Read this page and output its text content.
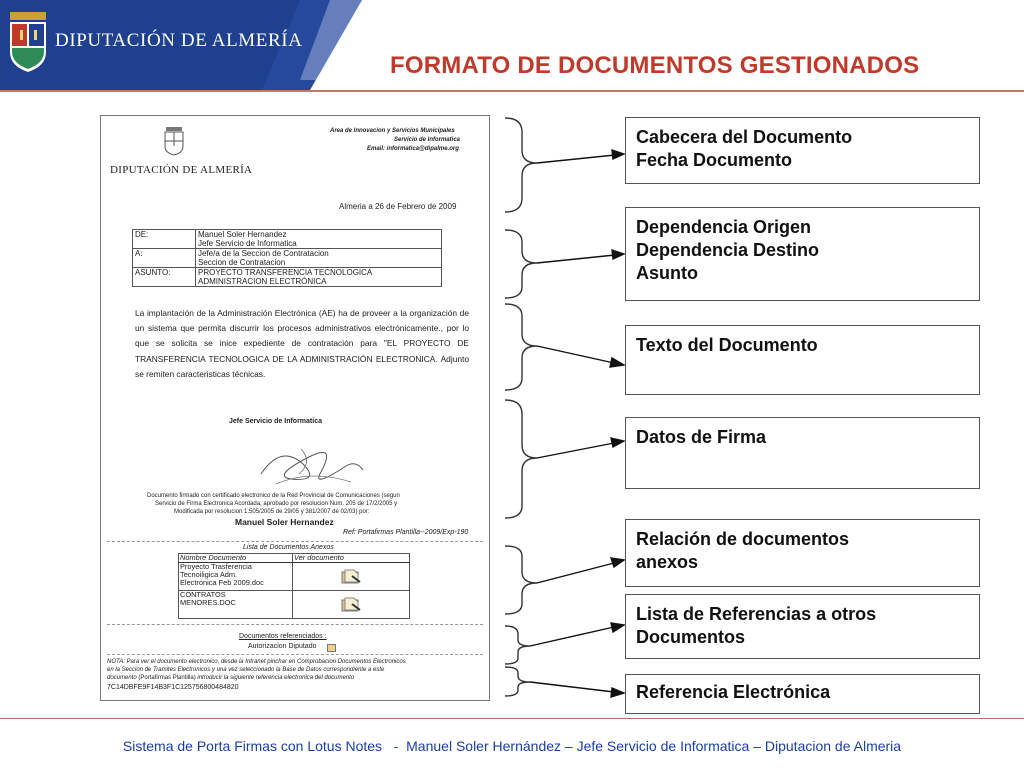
DIPUTACIÓN DE ALMERÍA
FORMATO DE DOCUMENTOS GESTIONADOS
Area de Innovacion y Servicios Municipales
Servicio de Informatica
Email: informatica@dipalme.org
DIPUTACIÓN DE ALMERÍA
Almeria a 26 de Febrero de 2009
DE:	Manuel Soler Hernandez
Jefe Servicio de Informatica

A:	Jefe/a de la Seccion de Contratacion
Seccion de Contratacion

ASUNTO:	PROYECTO TRANSFERENCIA TECNOLOGICA
ADMINISTRACION ELECTRÓNICA
La implantación de la Administración Electrónica (AE) ha de proveer a la organización de un sistema que permita discurrir los procesos administrativos electrónicamente., por lo que se solicita se inice expediente de contratación para "EL PROYECTO DE TRANSFERENCIA TECNOLOGICA DE LA ADMINISTRACIÓN ELECTRONICA. Adjunto se remiten caracteristicas técnicas.
Jefe Servicio de Informatica
Documento firmado con certificado electronico de la Red Provincial de Comunicaciones (segun
Servicio de Firma Electronica Acordada, aprobado por resolucion Num. 205 de 17/2/2005 y
Modificada por resolucion 1.505/2005 de 29/05 y 381/2007 de 02/03) por:
Manuel Soler Hernandez
Ref: Portafirmas Plantilla--2009/Exp-190
Lista de Documentos Anexos
Nombre Documento	Ver documento

Proyecto Trasferencia
Tecnoiligica Adm.
Electronica Feb 2009.doc

CONTRATOS
MENORES.DOC

Documentos referenciados :
Autorizacion Diputado
NOTA: Para ver el documento electronico, desde la Intranet pinchar en Comprobacion Documentos Electronicos
en la Seccion de Tramites Electronicos y una vez seleccionado la Base de Datos correspondiente a este
documento (Portafirmas Plantilla) introducir la siguiente referencia electronica del documento
7C14DBFE9F14B3F1C125756800484820
Cabecera del Documento
Fecha Documento
Dependencia Origen
Dependencia Destino
Asunto
Texto del Documento
Datos de Firma
Relación de documentos
anexos
Lista de Referencias a otros
Documentos
Referencia Electrónica
Sistema de Porta Firmas con Lotus Notes   -  Manuel Soler Hernández – Jefe Servicio de Informatica – Diputacion de Almeria
